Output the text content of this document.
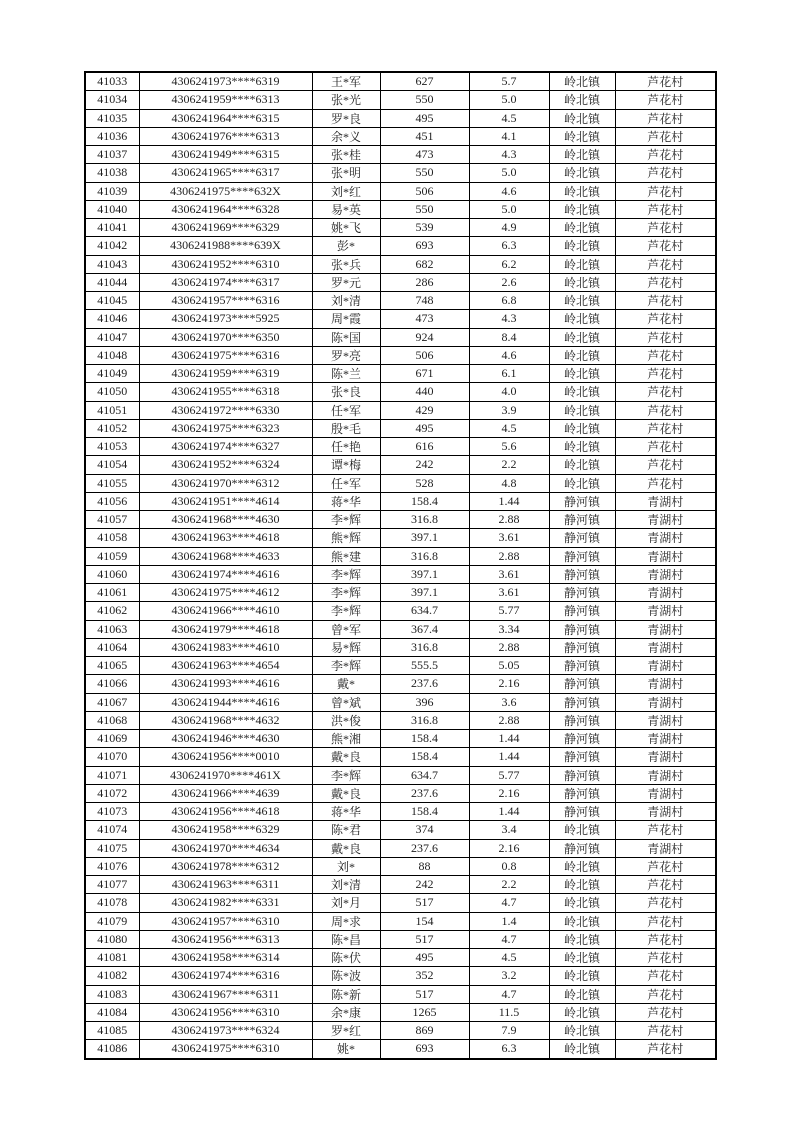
41033	4306241973****6319	王*军	627	5.7	岭北镇	芦花村
41034	4306241959****6313	张*光	550	5.0	岭北镇	芦花村
41035	4306241964****6315	罗*良	495	4.5	岭北镇	芦花村
41036	4306241976****6313	余*义	451	4.1	岭北镇	芦花村
41037	4306241949****6315	张*桂	473	4.3	岭北镇	芦花村
41038	4306241965****6317	张*明	550	5.0	岭北镇	芦花村
41039	4306241975****632X	刘*红	506	4.6	岭北镇	芦花村
41040	4306241964****6328	易*英	550	5.0	岭北镇	芦花村
41041	4306241969****6329	姚*飞	539	4.9	岭北镇	芦花村
41042	4306241988****639X	彭*	693	6.3	岭北镇	芦花村
41043	4306241952****6310	张*兵	682	6.2	岭北镇	芦花村
41044	4306241974****6317	罗*元	286	2.6	岭北镇	芦花村
41045	4306241957****6316	刘*清	748	6.8	岭北镇	芦花村
41046	4306241973****5925	周*霞	473	4.3	岭北镇	芦花村
41047	4306241970****6350	陈*国	924	8.4	岭北镇	芦花村
41048	4306241975****6316	罗*亮	506	4.6	岭北镇	芦花村
41049	4306241959****6319	陈*兰	671	6.1	岭北镇	芦花村
41050	4306241955****6318	张*良	440	4.0	岭北镇	芦花村
41051	4306241972****6330	任*军	429	3.9	岭北镇	芦花村
41052	4306241975****6323	殷*毛	495	4.5	岭北镇	芦花村
41053	4306241974****6327	任*艳	616	5.6	岭北镇	芦花村
41054	4306241952****6324	谭*梅	242	2.2	岭北镇	芦花村
41055	4306241970****6312	任*军	528	4.8	岭北镇	芦花村
41056	4306241951****4614	蒋*华	158.4	1.44	静河镇	青湖村
41057	4306241968****4630	李*辉	316.8	2.88	静河镇	青湖村
41058	4306241963****4618	熊*辉	397.1	3.61	静河镇	青湖村
41059	4306241968****4633	熊*建	316.8	2.88	静河镇	青湖村
41060	4306241974****4616	李*辉	397.1	3.61	静河镇	青湖村
41061	4306241975****4612	李*辉	397.1	3.61	静河镇	青湖村
41062	4306241966****4610	李*辉	634.7	5.77	静河镇	青湖村
41063	4306241979****4618	曾*军	367.4	3.34	静河镇	青湖村
41064	4306241983****4610	易*辉	316.8	2.88	静河镇	青湖村
41065	4306241963****4654	李*辉	555.5	5.05	静河镇	青湖村
41066	4306241993****4616	戴*	237.6	2.16	静河镇	青湖村
41067	4306241944****4616	曾*斌	396	3.6	静河镇	青湖村
41068	4306241968****4632	洪*俊	316.8	2.88	静河镇	青湖村
41069	4306241946****4630	熊*湘	158.4	1.44	静河镇	青湖村
41070	4306241956****0010	戴*良	158.4	1.44	静河镇	青湖村
41071	4306241970****461X	李*辉	634.7	5.77	静河镇	青湖村
41072	4306241966****4639	戴*良	237.6	2.16	静河镇	青湖村
41073	4306241956****4618	蒋*华	158.4	1.44	静河镇	青湖村
41074	4306241958****6329	陈*君	374	3.4	岭北镇	芦花村
41075	4306241970****4634	戴*良	237.6	2.16	静河镇	青湖村
41076	4306241978****6312	刘*	88	0.8	岭北镇	芦花村
41077	4306241963****6311	刘*清	242	2.2	岭北镇	芦花村
41078	4306241982****6331	刘*月	517	4.7	岭北镇	芦花村
41079	4306241957****6310	周*求	154	1.4	岭北镇	芦花村
41080	4306241956****6313	陈*昌	517	4.7	岭北镇	芦花村
41081	4306241958****6314	陈*伏	495	4.5	岭北镇	芦花村
41082	4306241974****6316	陈*波	352	3.2	岭北镇	芦花村
41083	4306241967****6311	陈*新	517	4.7	岭北镇	芦花村
41084	4306241956****6310	余*康	1265	11.5	岭北镇	芦花村
41085	4306241973****6324	罗*红	869	7.9	岭北镇	芦花村
41086	4306241975****6310	姚*	693	6.3	岭北镇	芦花村
